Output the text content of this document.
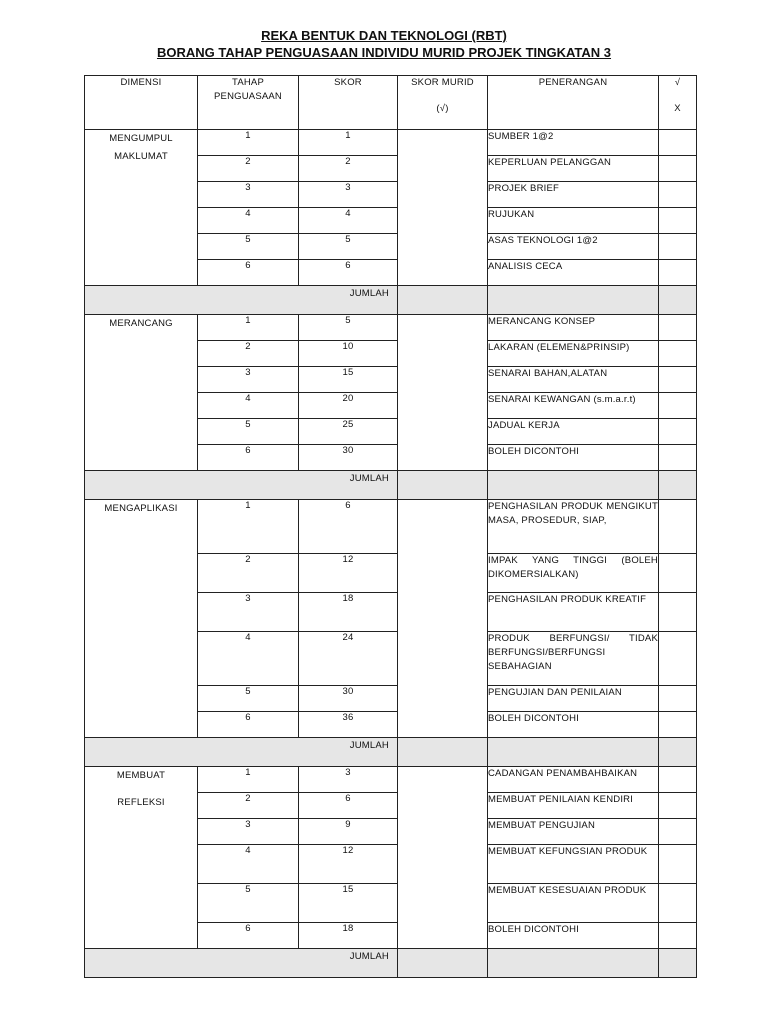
REKA BENTUK DAN TEKNOLOGI (RBT)
BORANG TAHAP PENGUASAAN INDIVIDU MURID PROJEK TINGKATAN 3
DIMENSI	TAHAP PENGUASAAN	SKOR	SKOR MURID
(√)	PENERANGAN	√
X
MENGUMPUL MAKLUMAT	1	1		SUMBER 1@2	
	2	2		KEPERLUAN PELANGGAN	
	3	3		PROJEK BRIEF	
	4	4		RUJUKAN	
	5	5		ASAS TEKNOLOGI 1@2	
	6	6		ANALISIS CECA	
JUMLAH					
MERANCANG	1	5		MERANCANG KONSEP	
	2	10		LAKARAN (ELEMEN&PRINSIP)	
	3	15		SENARAI BAHAN,ALATAN	
	4	20		SENARAI KEWANGAN (s.m.a.r.t)	
	5	25		JADUAL KERJA	
	6	30		BOLEH DICONTOHI	
JUMLAH					
MENGAPLIKASI	1	6		PENGHASILAN PRODUK MENGIKUT MASA, PROSEDUR, SIAP,	
	2	12		IMPAK YANG TINGGI (BOLEH DIKOMERSIALKAN)	
	3	18		PENGHASILAN PRODUK KREATIF	
	4	24		PRODUK BERFUNGSI/ TIDAK BERFUNGSI/BERFUNGSI SEBAHAGIAN	
	5	30		PENGUJIAN DAN PENILAIAN	
	6	36		BOLEH DICONTOHI	
JUMLAH					
MEMBUAT
REFLEKSI	1	3		CADANGAN PENAMBAHBAIKAN	
	2	6		MEMBUAT PENILAIAN KENDIRI	
	3	9		MEMBUAT PENGUJIAN	
	4	12		MEMBUAT KEFUNGSIAN PRODUK	
	5	15		MEMBUAT KESESUAIAN PRODUK	
	6	18		BOLEH DICONTOHI	
JUMLAH					
